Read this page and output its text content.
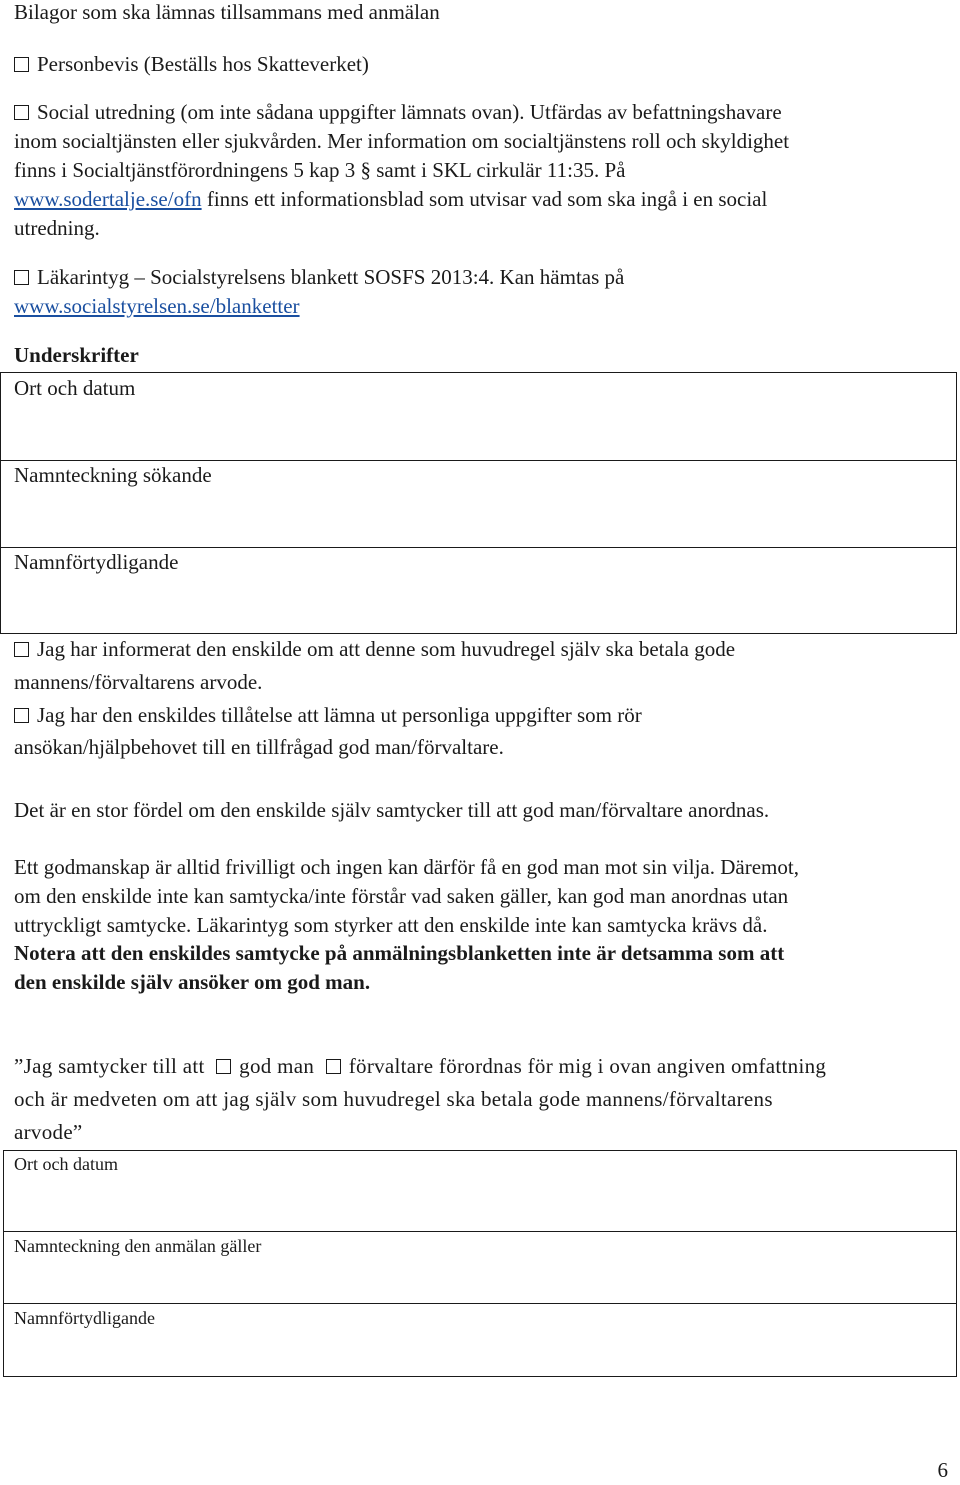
Bilagor som ska lämnas tillsammans med anmälan
Personbevis (Beställs hos Skatteverket)
Social utredning (om inte sådana uppgifter lämnats ovan). Utfärdas av befattningshavare
inom socialtjänsten eller sjukvården. Mer information om socialtjänstens roll och skyldighet
finns i Socialtjänstförordningens 5 kap 3 § samt i SKL cirkulär 11:35. På
www.sodertalje.se/ofn finns ett informationsblad som utvisar vad som ska ingå i en social
utredning.
Läkarintyg – Socialstyrelsens blankett SOSFS 2013:4. Kan hämtas på
www.socialstyrelsen.se/blanketter
Underskrifter
Ort och datum
Namnteckning sökande
Namnförtydligande
Jag har informerat den enskilde om att denne som huvudregel själv ska betala gode
mannens/förvaltarens arvode.
Jag har den enskildes tillåtelse att lämna ut personliga uppgifter som rör
ansökan/hjälpbehovet till en tillfrågad god man/förvaltare.
Det är en stor fördel om den enskilde själv samtycker till att god man/förvaltare anordnas.
Ett godmanskap är alltid frivilligt och ingen kan därför få en god man mot sin vilja. Däremot,
om den enskilde inte kan samtycka/inte förstår vad saken gäller, kan god man anordnas utan
uttryckligt samtycke. Läkarintyg som styrker att den enskilde inte kan samtycka krävs då.
Notera att den enskildes samtycke på anmälningsblanketten inte är detsamma som att
den enskilde själv ansöker om god man.
”Jag samtycker till att god man förvaltare förordnas för mig i ovan angiven omfattning
och är medveten om att jag själv som huvudregel ska betala gode mannens/förvaltarens
arvode”
Ort och datum
Namnteckning den anmälan gäller
Namnförtydligande
6
